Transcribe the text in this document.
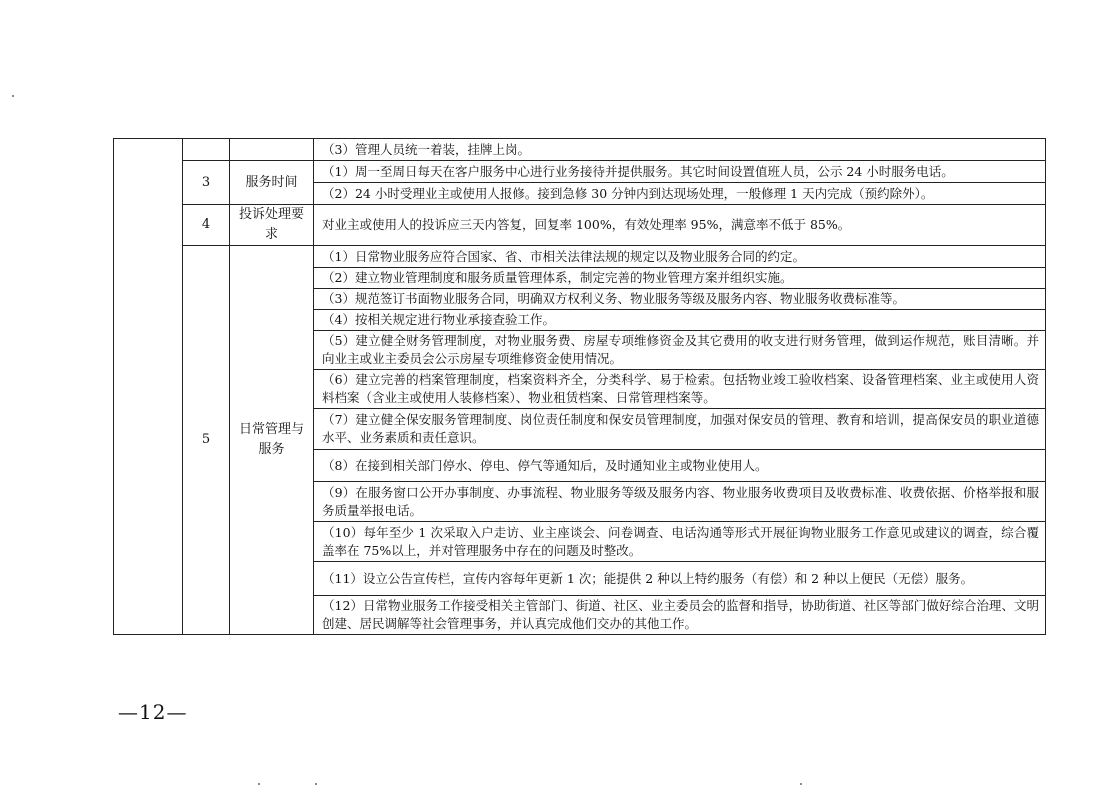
			（3）管理人员统一着装，挂牌上岗。
	3	服务时间	（1）周一至周日每天在客户服务中心进行业务接待并提供服务。其它时间设置值班人员，公示 24 小时服务电话。
			（2）24 小时受理业主或使用人报修。接到急修 30 分钟内到达现场处理，一般修理 1 天内完成（预约除外）。
	4	投诉处理要求	对业主或使用人的投诉应三天内答复，回复率 100%，有效处理率 95%，满意率不低于 85%。
	5	日常管理与服务	（1）日常物业服务应符合国家、省、市相关法律法规的规定以及物业服务合同的约定。
			（2）建立物业管理制度和服务质量管理体系，制定完善的物业管理方案并组织实施。
			（3）规范签订书面物业服务合同，明确双方权利义务、物业服务等级及服务内容、物业服务收费标准等。
			（4）按相关规定进行物业承接查验工作。
			（5）建立健全财务管理制度，对物业服务费、房屋专项维修资金及其它费用的收支进行财务管理，做到运作规范，账目清晰。并向业主或业主委员会公示房屋专项维修资金使用情况。
			（6）建立完善的档案管理制度，档案资料齐全，分类科学、易于检索。包括物业竣工验收档案、设备管理档案、业主或使用人资料档案（含业主或使用人装修档案）、物业租赁档案、日常管理档案等。
			（7）建立健全保安服务管理制度、岗位责任制度和保安员管理制度，加强对保安员的管理、教育和培训，提高保安员的职业道德水平、业务素质和责任意识。
			（8）在接到相关部门停水、停电、停气等通知后，及时通知业主或物业使用人。
			（9）在服务窗口公开办事制度、办事流程、物业服务等级及服务内容、物业服务收费项目及收费标准、收费依据、价格举报和服务质量举报电话。
			（10）每年至少 1 次采取入户走访、业主座谈会、问卷调查、电话沟通等形式开展征询物业服务工作意见或建议的调查，综合覆盖率在 75%以上，并对管理服务中存在的问题及时整改。
			（11）设立公告宣传栏，宣传内容每年更新 1 次；能提供 2 种以上特约服务（有偿）和 2 种以上便民（无偿）服务。
			（12）日常物业服务工作接受相关主管部门、街道、社区、业主委员会的监督和指导，协助街道、社区等部门做好综合治理、文明创建、居民调解等社会管理事务，并认真完成他们交办的其他工作。
—12—
